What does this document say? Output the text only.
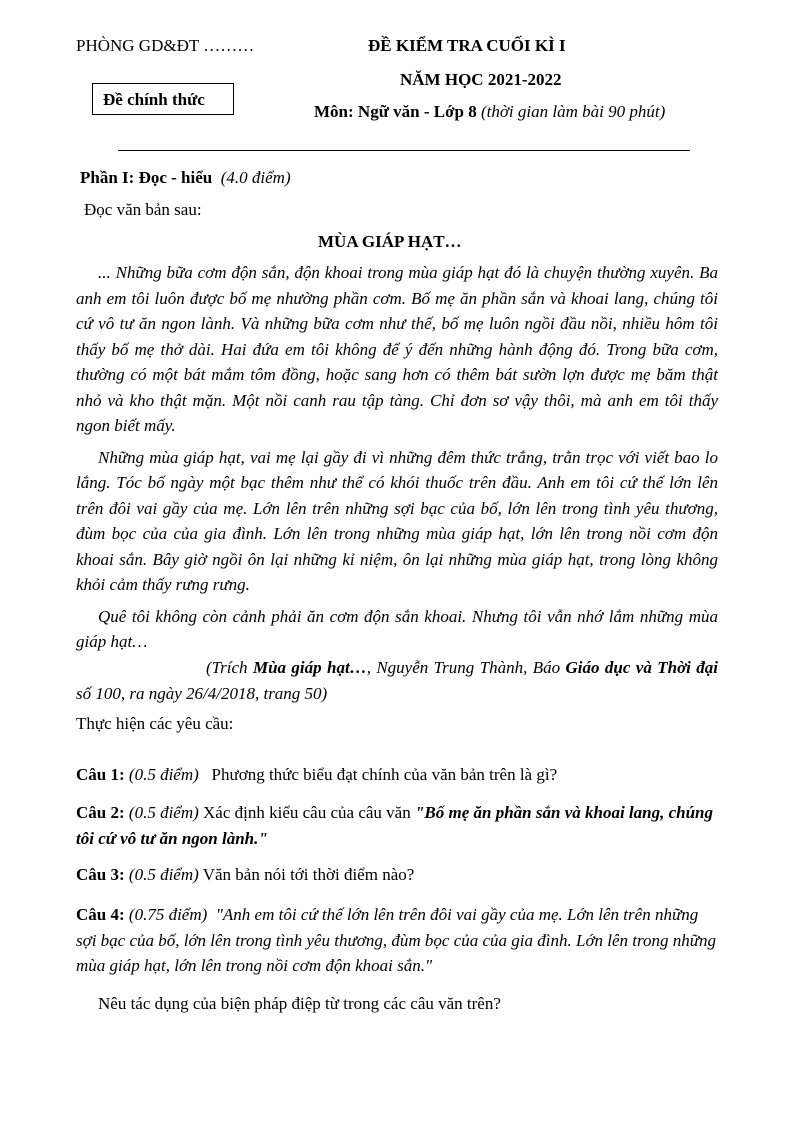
PHÒNG GD&ĐT ………	ĐỀ KIỂM TRA CUỐI KÌ I
NĂM HỌC 2021-2022
Đề chính thức
Môn: Ngữ văn - Lớp 8 (thời gian làm bài 90 phút)
Phần I: Đọc - hiểu (4.0 điểm)
Đọc văn bản sau:
MÙA GIÁP HẠT…

... Những bữa cơm độn sắn, độn khoai trong mùa giáp hạt đó là chuyện thường xuyên. Ba anh em tôi luôn được bố mẹ nhường phần cơm. Bố mẹ ăn phần sắn và khoai lang, chúng tôi cứ vô tư ăn ngon lành. Và những bữa cơm như thế, bố mẹ luôn ngồi đầu nồi, nhiều hôm tôi thấy bố mẹ thở dài. Hai đứa em tôi không để ý đến những hành động đó. Trong bữa cơm, thường có một bát mắm tôm đồng, hoặc sang hơn có thêm bát sườn lợn được mẹ băm thật nhỏ và kho thật mặn. Một nồi canh rau tập tàng. Chỉ đơn sơ vậy thôi, mà anh em tôi thấy ngon biết mấy.

Những mùa giáp hạt, vai mẹ lại gầy đi vì những đêm thức trắng, trằn trọc với viết bao lo lắng. Tóc bố ngày một bạc thêm như thể có khói thuốc trên đầu. Anh em tôi cứ thế lớn lên trên đôi vai gầy của mẹ. Lớn lên trên những sợi bạc của bố, lớn lên trong tình yêu thương, đùm bọc của của gia đình. Lớn lên trong những mùa giáp hạt, lớn lên trong nồi cơm độn khoai sắn. Bây giờ ngồi ôn lại những kỉ niệm, ôn lại những mùa giáp hạt, trong lòng không khỏi cảm thấy rưng rưng.

Quê tôi không còn cảnh phải ăn cơm độn sắn khoai. Nhưng tôi vẫn nhớ lắm những mùa giáp hạt…

(Trích Mùa giáp hạt…, Nguyễn Trung Thành, Báo Giáo dục và Thời đại số 100, ra ngày 26/4/2018, trang 50)
Thực hiện các yêu cầu:
Câu 1: (0.5 điểm) Phương thức biểu đạt chính của văn bản trên là gì?
Câu 2: (0.5 điểm) Xác định kiểu câu của câu văn "Bố mẹ ăn phần sắn và khoai lang, chúng tôi cứ vô tư ăn ngon lành."
Câu 3: (0.5 điểm) Văn bản nói tới thời điểm nào?
Câu 4: (0.75 điểm) "Anh em tôi cứ thế lớn lên trên đôi vai gầy của mẹ. Lớn lên trên những sợi bạc của bố, lớn lên trong tình yêu thương, đùm bọc của của gia đình. Lớn lên trong những mùa giáp hạt, lớn lên trong nồi cơm độn khoai sắn."
Nêu tác dụng của biện pháp điệp từ trong các câu văn trên?
